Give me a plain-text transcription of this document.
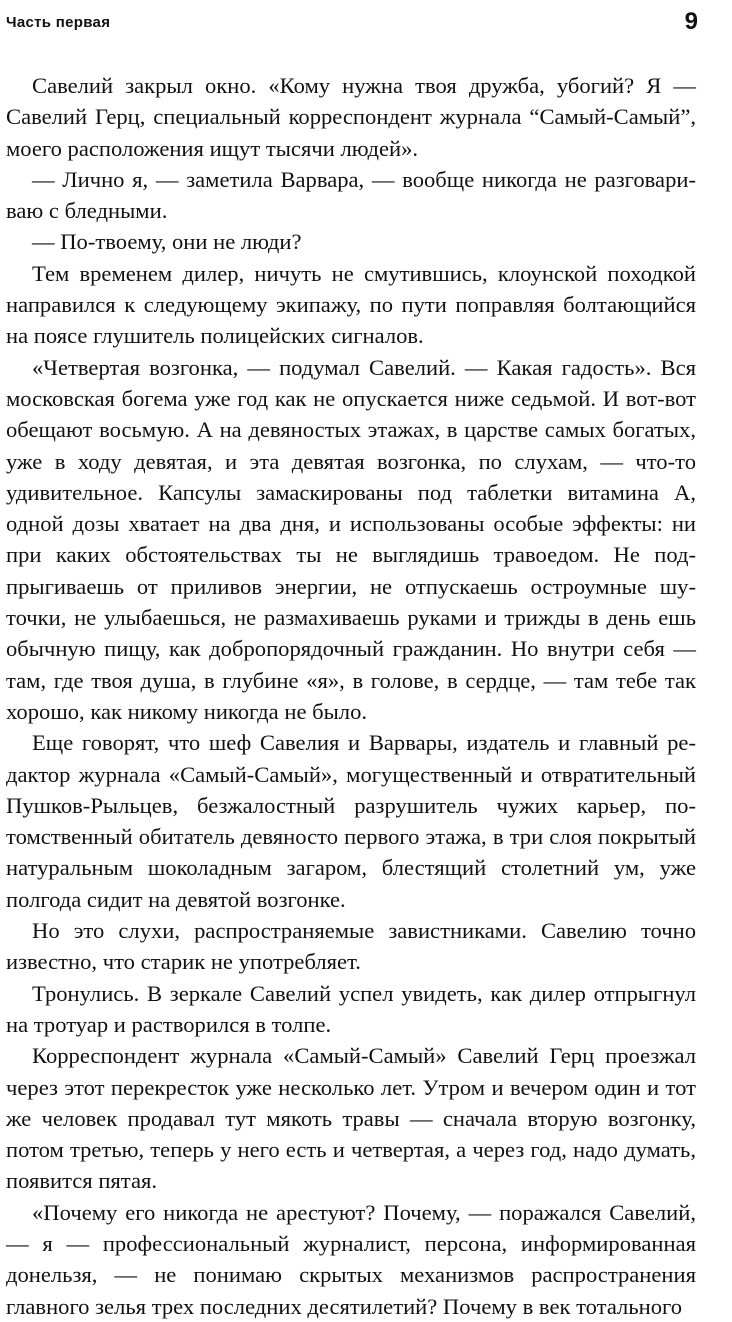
Часть первая	9

Савелий закрыл окно. «Кому нужна твоя дружба, убогий? Я — Савелий Герц, специальный корреспондент журнала “Самый-Самый”, моего расположения ищут тысячи людей».

— Лично я, — заметила Варвара, — вообще никогда не разговариваю с бледными.

— По-твоему, они не люди?

Тем временем дилер, ничуть не смутившись, клоунской походкой направился к следующему экипажу, по пути поправляя болтающийся на поясе глушитель полицейских сигналов.

«Четвертая возгонка, — подумал Савелий. — Какая гадость». Вся московская богема уже год как не опускается ниже седьмой. И вот-вот обещают восьмую. А на девяностых этажах, в царстве самых богатых, уже в ходу девятая, и эта девятая возгонка, по слухам, — что-то удивительное. Капсулы замаскированы под таблетки витамина А, одной дозы хватает на два дня, и использованы особые эффекты: ни при каких обстоятельствах ты не выглядишь травоедом. Не подпрыгиваешь от приливов энергии, не отпускаешь остроумные шуточки, не улыбаешься, не размахиваешь руками и трижды в день ешь обычную пищу, как добропорядочный гражданин. Но внутри себя — там, где твоя душа, в глубине «я», в голове, в сердце, — там тебе так хорошо, как никому никогда не было.

Еще говорят, что шеф Савелия и Варвары, издатель и главный редактор журнала «Самый-Самый», могущественный и отвратительный Пушков-Рыльцев, безжалостный разрушитель чужих карьер, потомственный обитатель девяносто первого этажа, в три слоя покрытый натуральным шоколадным загаром, блестящий столетний ум, уже полгода сидит на девятой возгонке.

Но это слухи, распространяемые завистниками. Савелию точно известно, что старик не употребляет.

Тронулись. В зеркале Савелий успел увидеть, как дилер отпрыгнул на тротуар и растворился в толпе.

Корреспондент журнала «Самый-Самый» Савелий Герц проезжал через этот перекресток уже несколько лет. Утром и вечером один и тот же человек продавал тут мякоть травы — сначала вторую возгонку, потом третью, теперь у него есть и четвертая, а через год, надо думать, появится пятая.

«Почему его никогда не арестуют? Почему, — поражался Савелий, — я — профессиональный журналист, персона, информированная донельзя, — не понимаю скрытых механизмов распространения главного зелья трех последних десятилетий? Почему в век тотального
